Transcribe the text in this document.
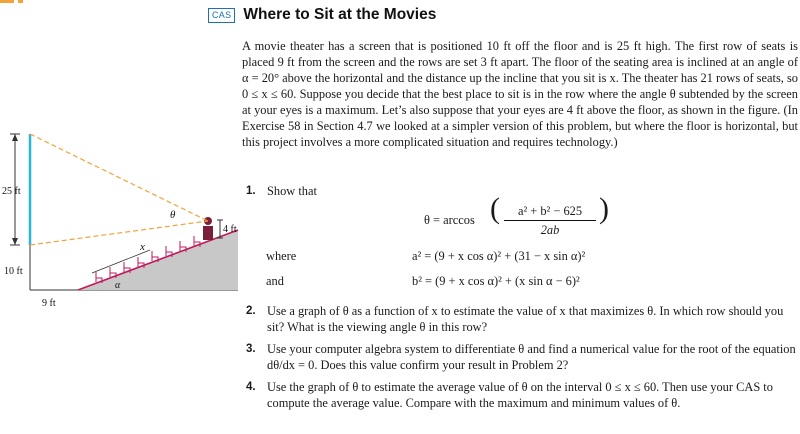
25 ft
10 ft
9 ft
4 ft
θ
x
α
CAS Where to Sit at the Movies

A movie theater has a screen that is positioned 10 ft off the floor and is 25 ft high. The first row of seats is placed 9 ft from the screen and the rows are set 3 ft apart. The floor of the seating area is inclined at an angle of α = 20° above the horizontal and the distance up the incline that you sit is x. The theater has 21 rows of seats, so 0 ≤ x ≤ 60. Suppose you decide that the best place to sit is in the row where the angle θ subtended by the screen at your eyes is a maximum. Let’s also suppose that your eyes are 4 ft above the floor, as shown in the figure. (In Exercise 58 in Section 4.7 we looked at a simpler version of this problem, but where the floor is horizontal, but this project involves a more complicated situation and requires technology.)

1. Show that
θ = arccos (	a² + b² − 625
2ab
)
where	a² = (9 + x cos α)² + (31 − x sin α)²
and	b² = (9 + x cos α)² + (x sin α − 6)²
2. Use a graph of θ as a function of x to estimate the value of x that maximizes θ. In which row should you sit? What is the viewing angle θ in this row?
3. Use your computer algebra system to differentiate θ and find a numerical value for the root of the equation dθ/dx = 0. Does this value confirm your result in Problem 2?
4. Use the graph of θ to estimate the average value of θ on the interval 0 ≤ x ≤ 60. Then use your CAS to compute the average value. Compare with the maximum and minimum values of θ.
